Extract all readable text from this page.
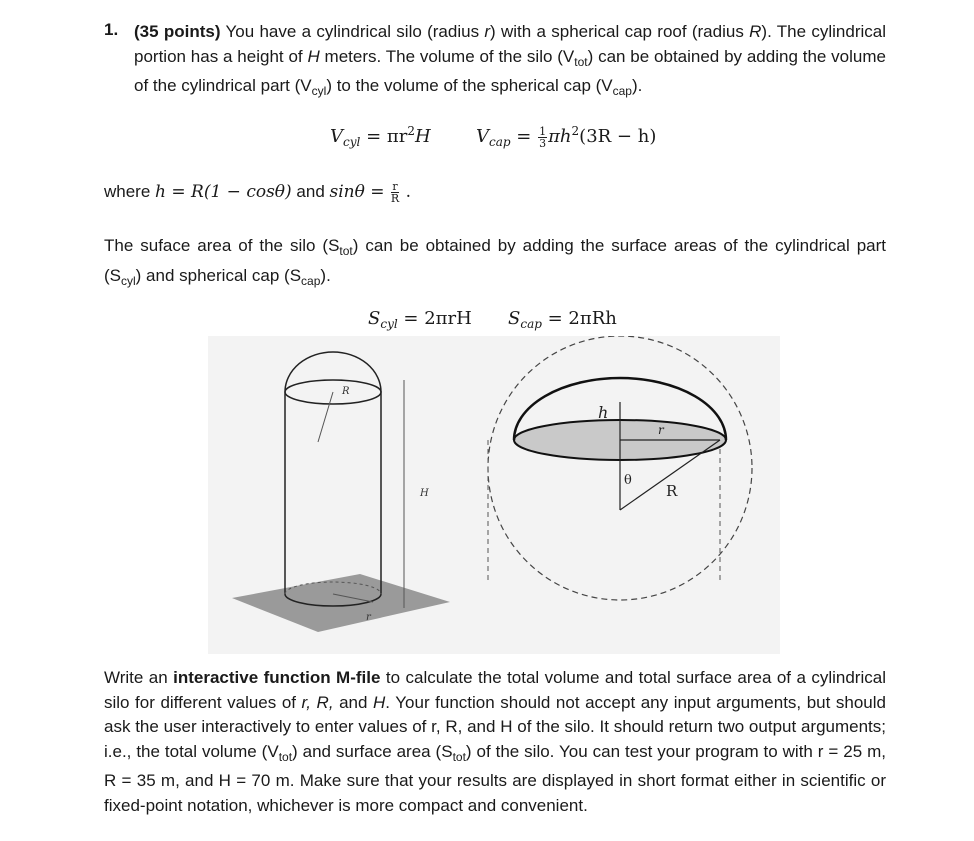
1. (35 points) You have a cylindrical silo (radius r) with a spherical cap roof (radius R). The cylindrical portion has a height of H meters. The volume of the silo $(V_{tot})$ can be obtained by adding the volume of the cylindrical part $(V_{cyl})$ to the volume of the spherical cap $(V_{cap})$.
$V_{cyl} = \pi r^2H$	$V_{cap} = \frac{1}{3} \pi h^2(3R - h)$
where h = R(1 − cosθ) and $\sin\theta = \frac{r}{R}$ .
The suface area of the silo $(S_{tot})$ can be obtained by adding the surface areas of the cylindrical part $(S_{cyl})$ and spherical cap $(S_{cap})$.
$S_{cyl} = 2\pi rH$ $S_{cap} = 2\pi Rh$
R
H
r
h
r
θ
R
Write an interactive function M-file to calculate the total volume and total surface area of a cylindrical silo for different values of r, R, and H. Your function should not accept any input arguments, but should ask the user interactively to enter values of r, R, and H of the silo. It should return two output arguments; i.e., the total volume $(V_{tot})$ and surface area $(S_{tot})$ of the silo. You can test your program to with r = 25 m, R = 35 m, and H = 70 m. Make sure that your results are displayed in short format either in scientific or fixed-point notation, whichever is more compact and convenient.
